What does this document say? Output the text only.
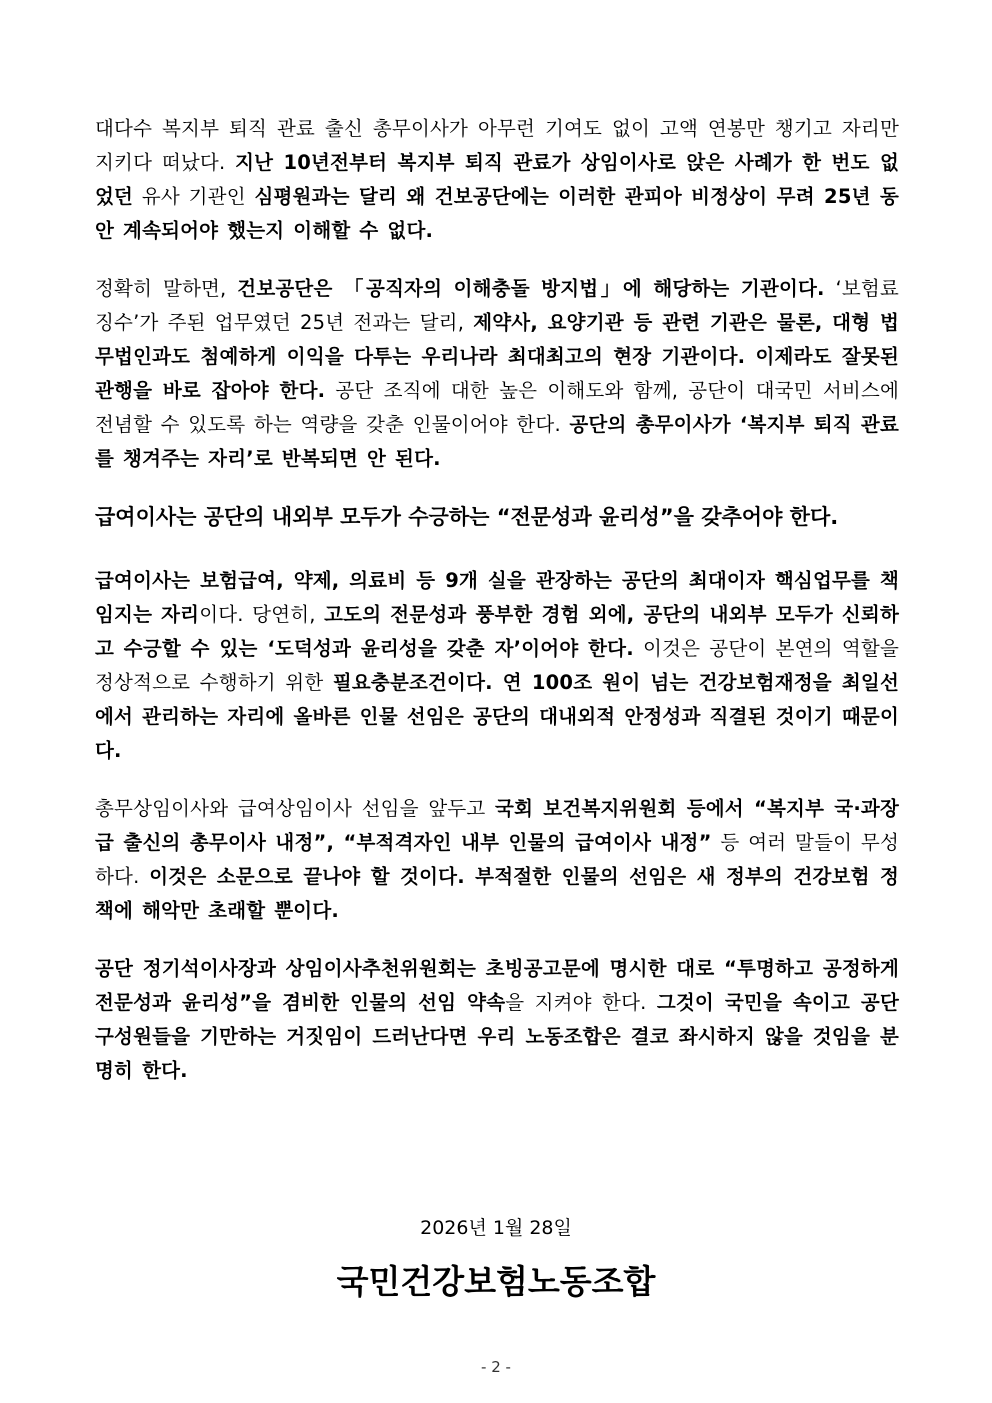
대다수 복지부 퇴직 관료 출신 총무이사가 아무런 기여도 없이 고액 연봉만 챙기고 자리만 지키다 떠났다. 지난 10년전부터 복지부 퇴직 관료가 상임이사로 앉은 사례가 한 번도 없었던 유사 기관인 심평원과는 달리 왜 건보공단에는 이러한 관피아 비정상이 무려 25년 동안 계속되어야 했는지 이해할 수 없다.
정확히 말하면, 건보공단은 「공직자의 이해충돌 방지법」에 해당하는 기관이다. ‘보험료 징수’가 주된 업무였던 25년 전과는 달리, 제약사, 요양기관 등 관련 기관은 물론, 대형 법무법인과도 첨예하게 이익을 다투는 우리나라 최대최고의 현장 기관이다. 이제라도 잘못된 관행을 바로 잡아야 한다. 공단 조직에 대한 높은 이해도와 함께, 공단이 대국민 서비스에 전념할 수 있도록 하는 역량을 갖춘 인물이어야 한다. 공단의 총무이사가 ‘복지부 퇴직 관료를 챙겨주는 자리’로 반복되면 안 된다.
급여이사는 공단의 내외부 모두가 수긍하는 “전문성과 윤리성”을 갖추어야 한다.
급여이사는 보험급여, 약제, 의료비 등 9개 실을 관장하는 공단의 최대이자 핵심업무를 책임지는 자리이다. 당연히, 고도의 전문성과 풍부한 경험 외에, 공단의 내외부 모두가 신뢰하고 수긍할 수 있는 ‘도덕성과 윤리성을 갖춘 자’이어야 한다. 이것은 공단이 본연의 역할을 정상적으로 수행하기 위한 필요충분조건이다. 연 100조 원이 넘는 건강보험재정을 최일선에서 관리하는 자리에 올바른 인물 선임은 공단의 대내외적 안정성과 직결된 것이기 때문이다.
총무상임이사와 급여상임이사 선임을 앞두고 국회 보건복지위원회 등에서 “복지부 국·과장급 출신의 총무이사 내정”, “부적격자인 내부 인물의 급여이사 내정” 등 여러 말들이 무성하다. 이것은 소문으로 끝나야 할 것이다. 부적절한 인물의 선임은 새 정부의 건강보험 정책에 해악만 초래할 뿐이다.
공단 정기석이사장과 상임이사추천위원회는 초빙공고문에 명시한 대로 “투명하고 공정하게 전문성과 윤리성”을 겸비한 인물의 선임 약속을 지켜야 한다. 그것이 국민을 속이고 공단 구성원들을 기만하는 거짓임이 드러난다면 우리 노동조합은 결코 좌시하지 않을 것임을 분명히 한다.
2026년 1월 28일
국민건강보험노동조합
- 2 -
